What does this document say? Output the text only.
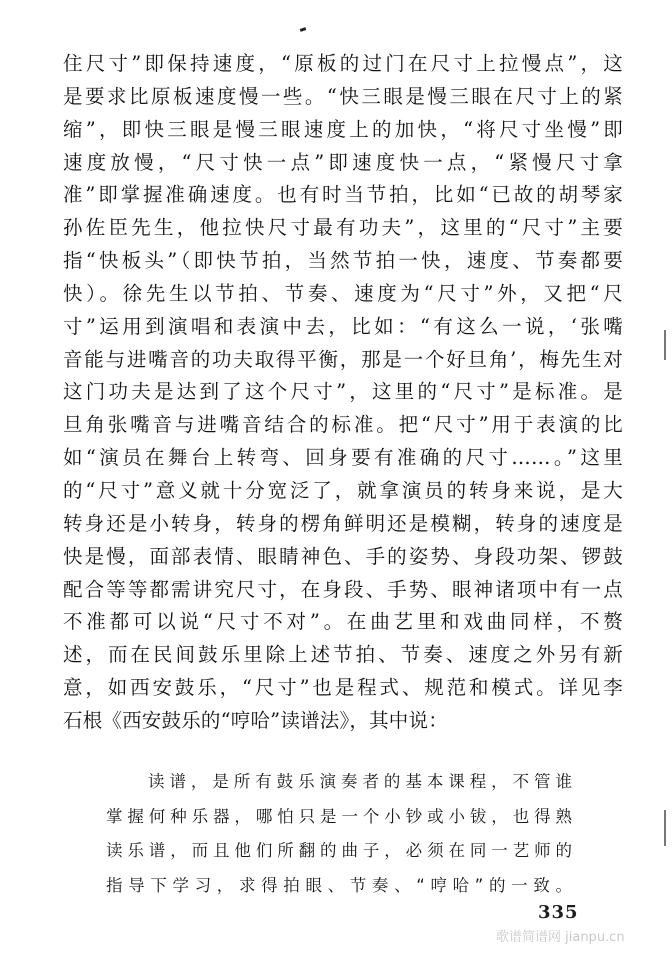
住尺寸”即保持速度，“原板的过门在尺寸上拉慢点”，这
是要求比原板速度慢一些。“快三眼是慢三眼在尺寸上的紧
缩”，即快三眼是慢三眼速度上的加快，“将尺寸坐慢”即
速度放慢，“尺寸快一点”即速度快一点，“紧慢尺寸拿
准”即掌握准确速度。也有时当节拍，比如“已故的胡琴家
孙佐臣先生，他拉快尺寸最有功夫”，这里的“尺寸”主要
指“快板头”（即快节拍，当然节拍一快，速度、节奏都要
快）。徐先生以节拍、节奏、速度为“尺寸”外，又把“尺
寸”运用到演唱和表演中去，比如：“有这么一说，‘张嘴
音能与进嘴音的功夫取得平衡，那是一个好旦角’，梅先生对
这门功夫是达到了这个尺寸”，这里的“尺寸”是标准。是
旦角张嘴音与进嘴音结合的标准。把“尺寸”用于表演的比
如“演员在舞台上转弯、回身要有准确的尺寸……。”这里
的“尺寸”意义就十分宽泛了，就拿演员的转身来说，是大
转身还是小转身，转身的楞角鲜明还是模糊，转身的速度是
快是慢，面部表情、眼睛神色、手的姿势、身段功架、锣鼓
配合等等都需讲究尺寸，在身段、手势、眼神诸项中有一点
不准都可以说“尺寸不对”。在曲艺里和戏曲同样，不赘
述，而在民间鼓乐里除上述节拍、节奏、速度之外另有新
意，如西安鼓乐，“尺寸”也是程式、规范和模式。详见李
石根《西安鼓乐的“哼哈”读谱法》，其中说：
读谱，是所有鼓乐演奏者的基本课程，不管谁
掌握何种乐器，哪怕只是一个小钞或小钹，也得熟
读乐谱，而且他们所翻的曲子，必须在同一艺师的
指导下学习，求得拍眼、节奏、“哼哈”的一致。
335
歌谱简谱网 jianpu.cn
